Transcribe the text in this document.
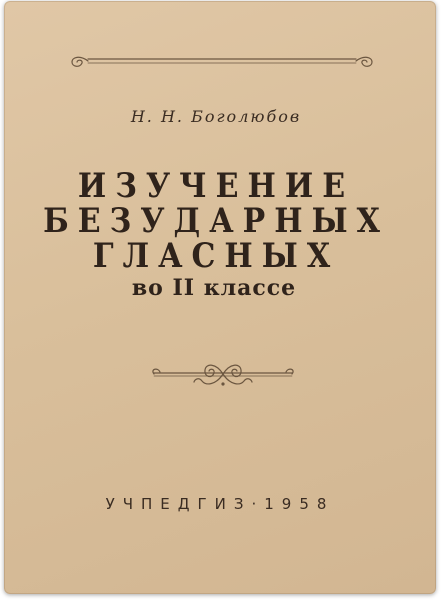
Н. Н. Боголюбов
ИЗУЧЕНИЕ
БЕЗУДАРНЫХ
ГЛАСНЫХ
во II классе
УЧПЕДГИЗ·1958
